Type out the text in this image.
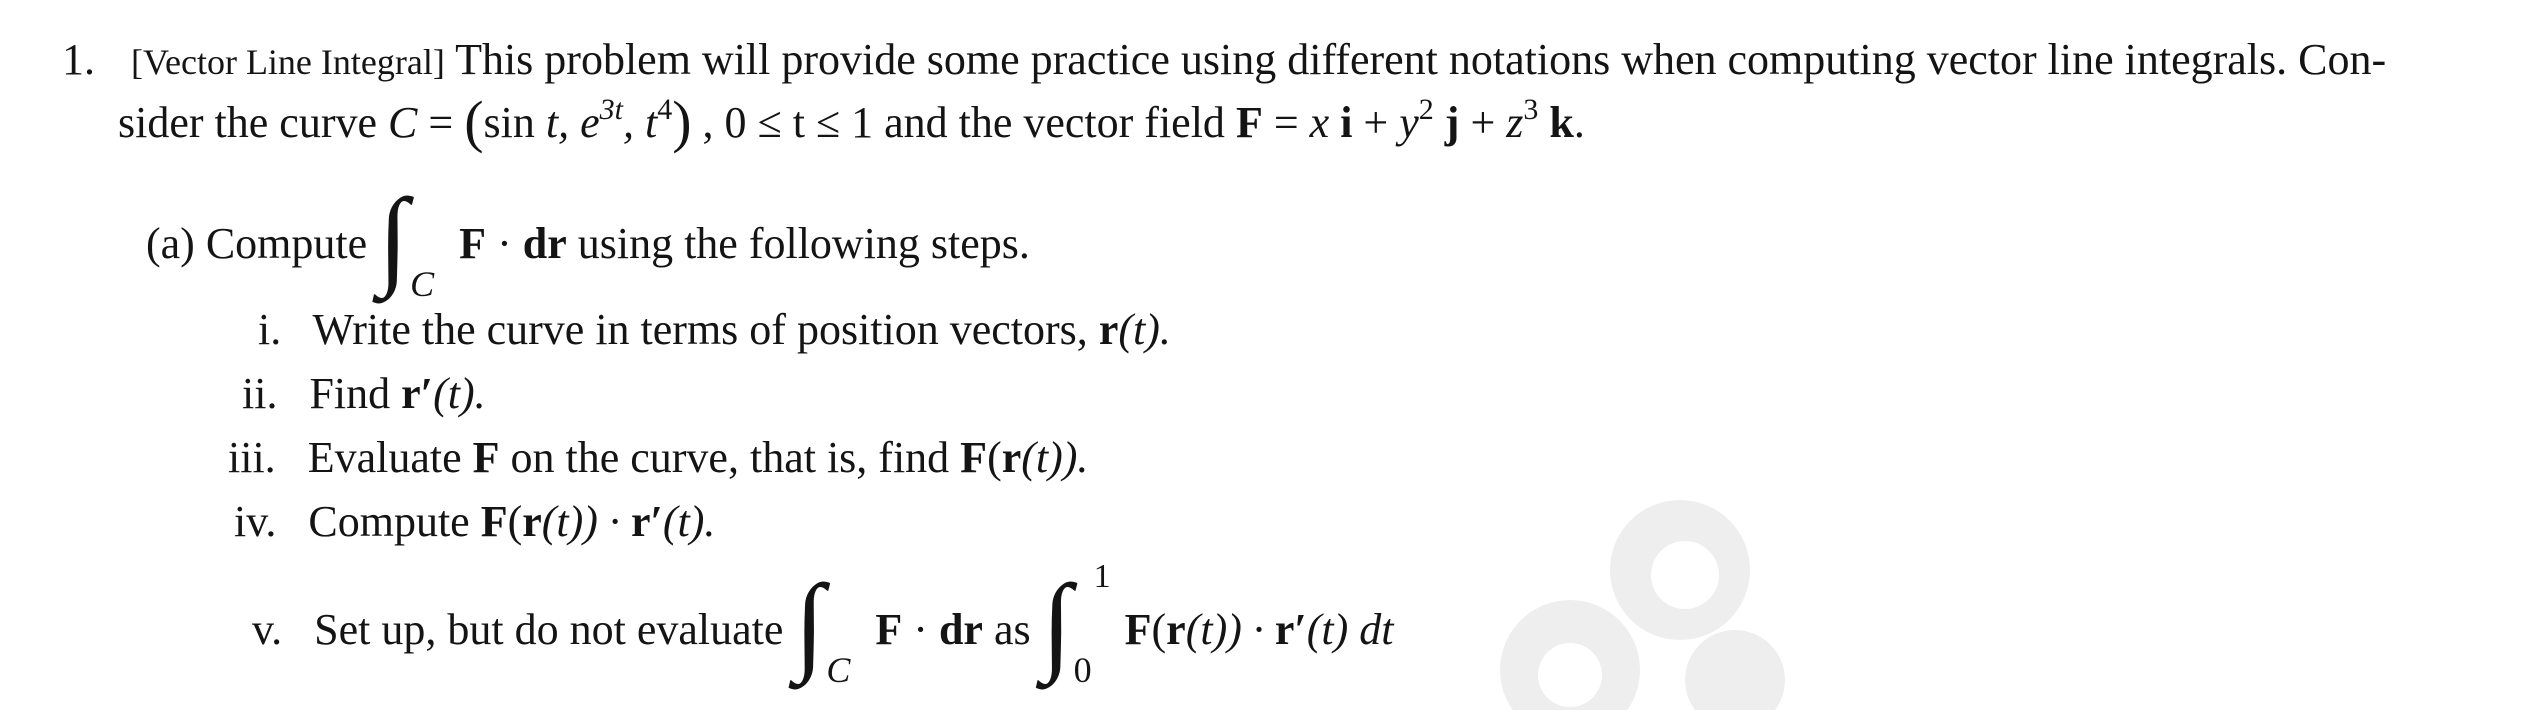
1. [Vector Line Integral] This problem will provide some practice using different notations when computing vector line integrals. Con-
sider the curve C = (sin t, $e^{3t}$, $t^4$) , 0 ≤ t ≤ 1 and the vector field F = x $i + y^2$ $j + z^3$ k.
(a) Compute ∫ C
F · dr using the following steps.
i. Write the curve in terms of position vectors, r(t).
ii. Find r′(t).
iii. Evaluate F on the curve, that is, find F(r(t)).
iv. Compute F(r(t)) · r′(t).
v. Set up, but do not evaluate ∫ C
F · dr as ∫ 0
1
F(r(t)) · r′(t) dt
